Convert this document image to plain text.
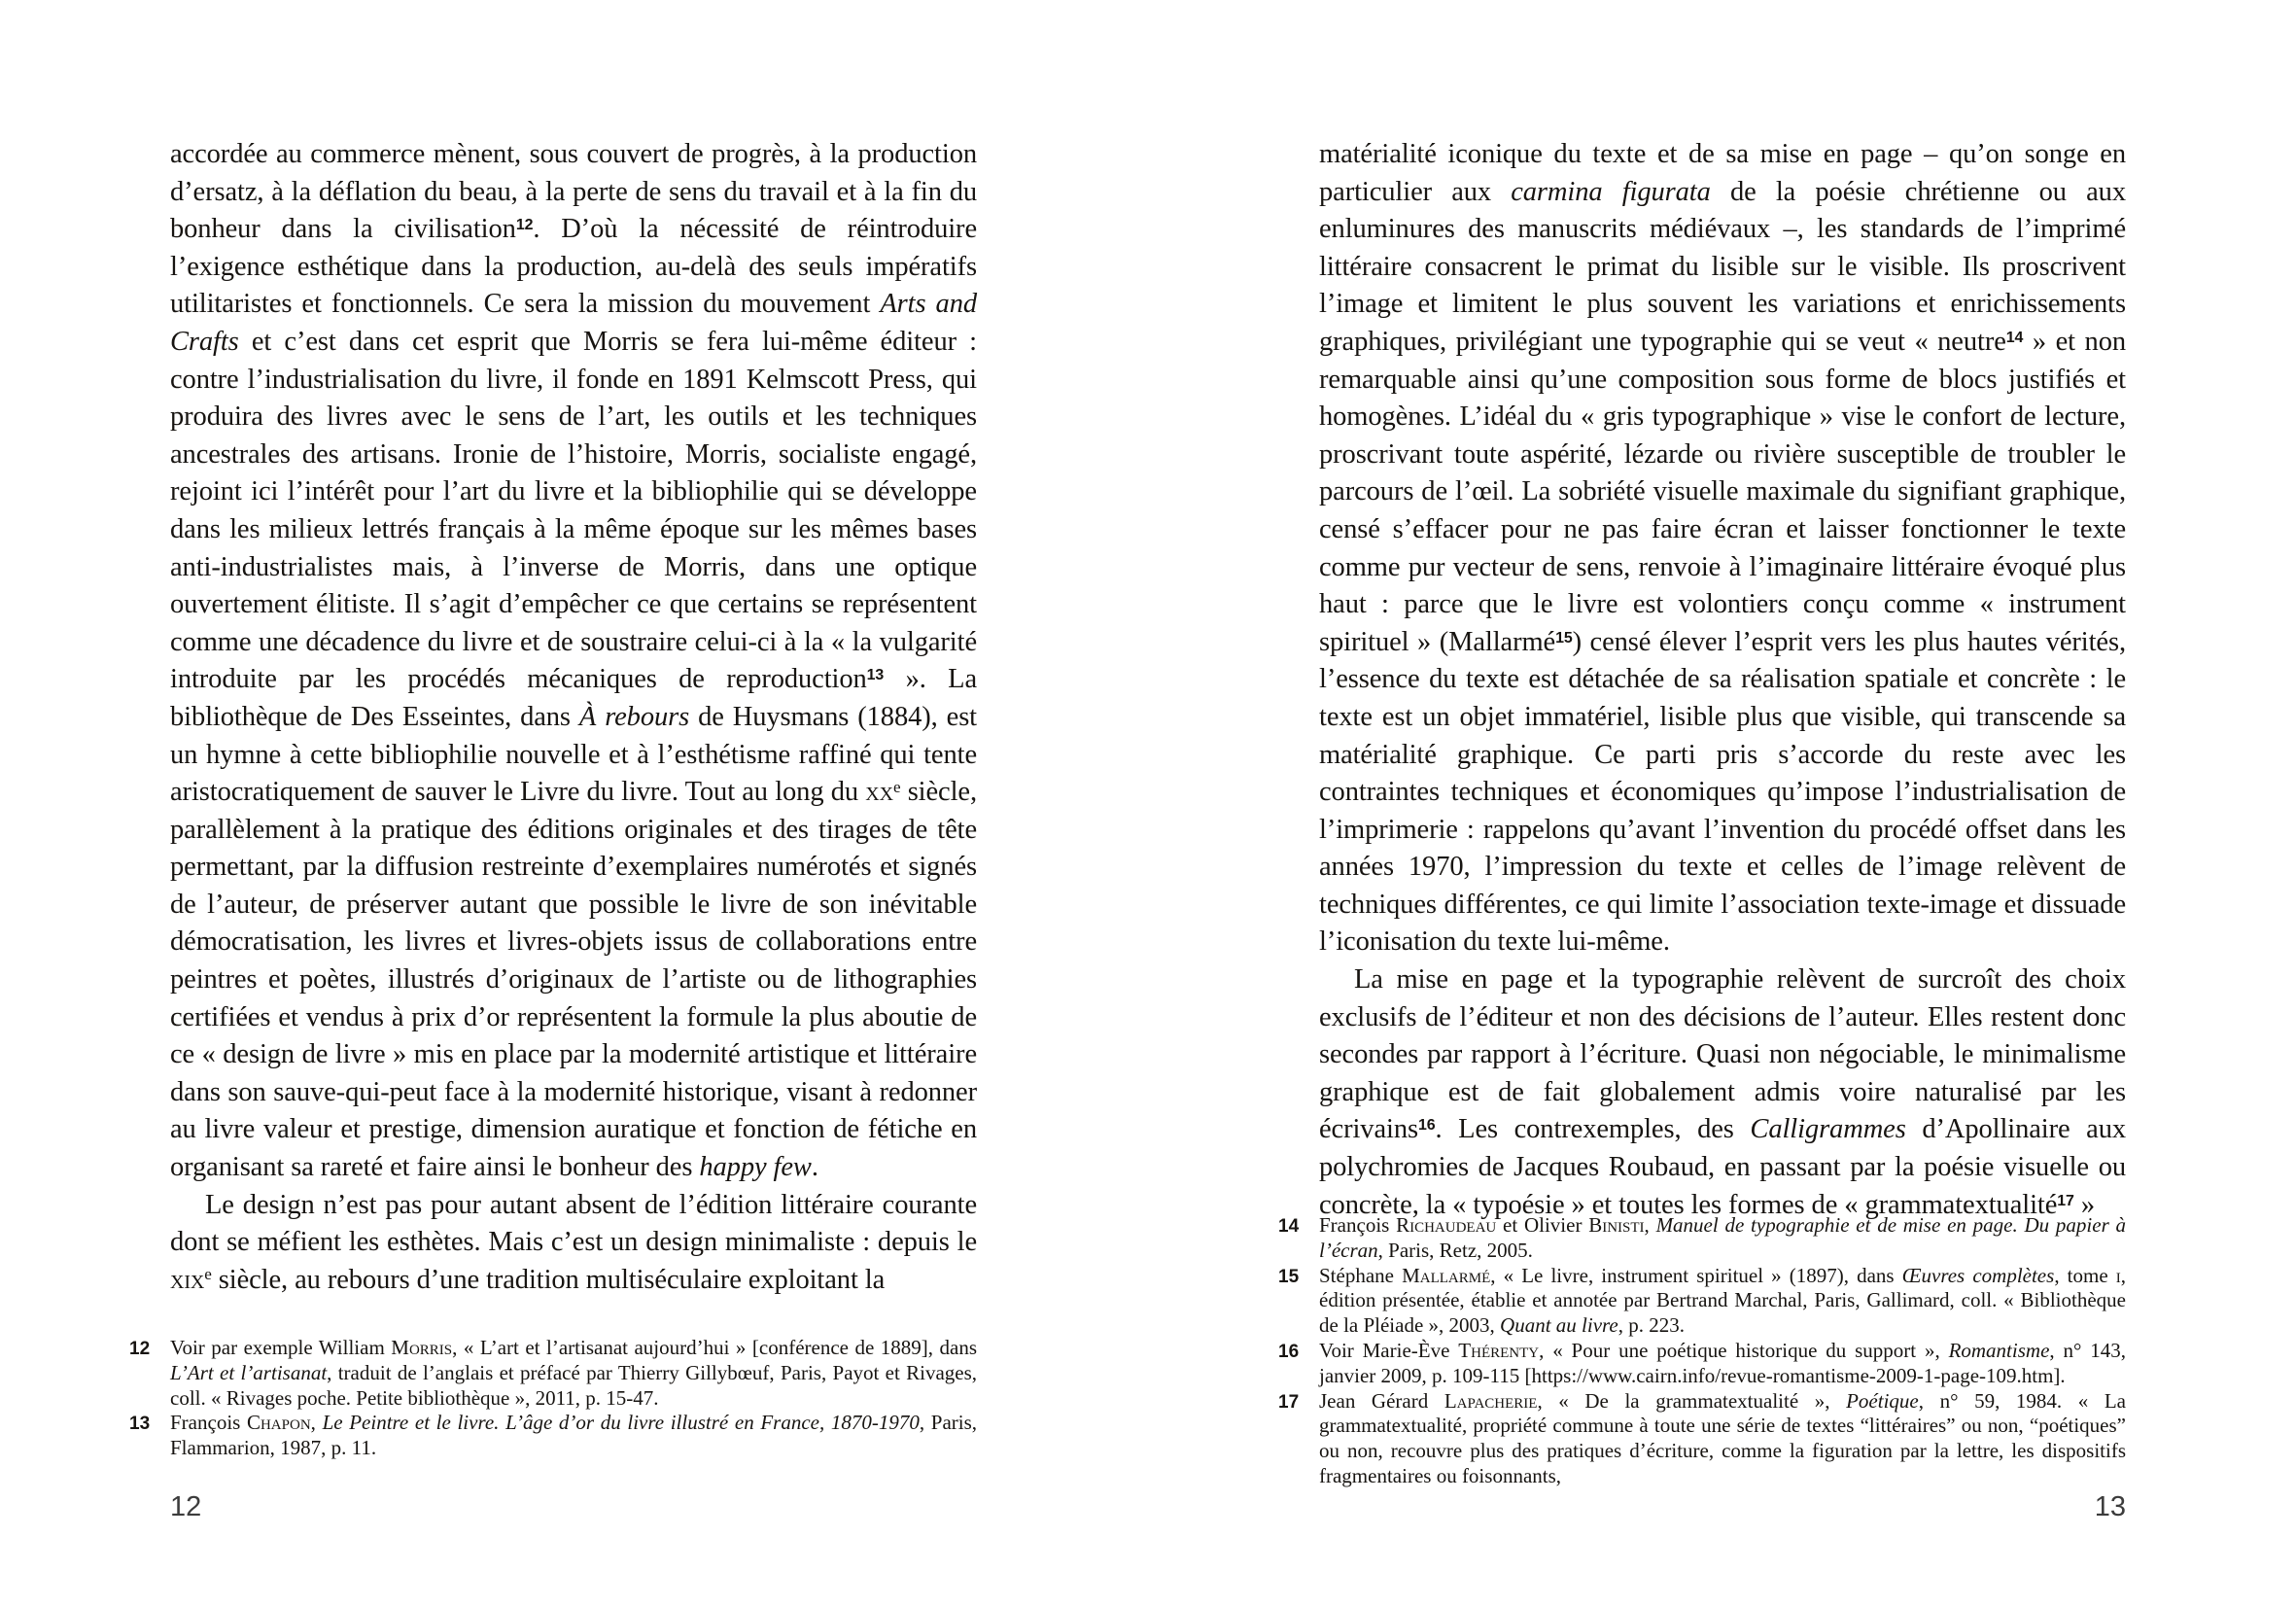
accordée au commerce mènent, sous couvert de progrès, à la production d’ersatz, à la déflation du beau, à la perte de sens du travail et à la fin du bonheur dans la civilisation$^{12}$. D’où la nécessité de réintroduire l’exigence esthétique dans la production, au-delà des seuls impératifs utilitaristes et fonctionnels. Ce sera la mission du mouvement Arts and Crafts et c’est dans cet esprit que Morris se fera lui-même éditeur : contre l’industrialisation du livre, il fonde en 1891 Kelmscott Press, qui produira des livres avec le sens de l’art, les outils et les techniques ancestrales des artisans. Ironie de l’histoire, Morris, socialiste engagé, rejoint ici l’intérêt pour l’art du livre et la bibliophilie qui se développe dans les milieux lettrés français à la même époque sur les mêmes bases anti-industrialistes mais, à l’inverse de Morris, dans une optique ouvertement élitiste. Il s’agit d’empêcher ce que certains se représentent comme une décadence du livre et de soustraire celui-ci à la « la vulgarité introduite par les procédés mécaniques de reproduction$^{13}$ ». La bibliothèque de Des Esseintes, dans À rebours de Huysmans (1884), est un hymne à cette bibliophilie nouvelle et à l’esthétisme raffiné qui tente aristocratiquement de sauver le Livre du livre. Tout au long du $xx^e$ siècle, parallèlement à la pratique des éditions originales et des tirages de tête permettant, par la diffusion restreinte d’exemplaires numérotés et signés de l’auteur, de préserver autant que possible le livre de son inévitable démocratisation, les livres et livres-objets issus de collaborations entre peintres et poètes, illustrés d’originaux de l’artiste ou de lithographies certifiées et vendus à prix d’or représentent la formule la plus aboutie de ce « design de livre » mis en place par la modernité artistique et littéraire dans son sauve-qui-peut face à la modernité historique, visant à redonner au livre valeur et prestige, dimension auratique et fonction de fétiche en organisant sa rareté et faire ainsi le bonheur des happy few.

Le design n’est pas pour autant absent de l’édition littéraire courante dont se méfient les esthètes. Mais c’est un design minimaliste : depuis le xix$^e$ siècle, au rebours d’une tradition multiséculaire exploitant la

12 Voir par exemple William Morris, « L’art et l’artisanat aujourd’hui » [conférence de 1889], dans L’Art et l’artisanat, traduit de l’anglais et préfacé par Thierry Gillybœuf, Paris, Payot et Rivages, coll. « Rivages poche. Petite bibliothèque », 2011, p. 15-47.
13 François Chapon, Le Peintre et le livre. L’âge d’or du livre illustré en France, 1870-1970, Paris, Flammarion, 1987, p. 11.
12

matérialité iconique du texte et de sa mise en page – qu’on songe en particulier aux carmina figurata de la poésie chrétienne ou aux enluminures des manuscrits médiévaux –, les standards de l’imprimé littéraire consacrent le primat du lisible sur le visible. Ils proscrivent l’image et limitent le plus souvent les variations et enrichissements graphiques, privilégiant une typographie qui se veut « neutre$^{14}$ » et non remarquable ainsi qu’une composition sous forme de blocs justifiés et homogènes. L’idéal du « gris typographique » vise le confort de lecture, proscrivant toute aspérité, lézarde ou rivière susceptible de troubler le parcours de l’œil. La sobriété visuelle maximale du signifiant graphique, censé s’effacer pour ne pas faire écran et laisser fonctionner le texte comme pur vecteur de sens, renvoie à l’imaginaire littéraire évoqué plus haut : parce que le livre est volontiers conçu comme « instrument spirituel » (Mallarmé$^{15}$) censé élever l’esprit vers les plus hautes vérités, l’essence du texte est détachée de sa réalisation spatiale et concrète : le texte est un objet immatériel, lisible plus que visible, qui transcende sa matérialité graphique. Ce parti pris s’accorde du reste avec les contraintes techniques et économiques qu’impose l’industrialisation de l’imprimerie : rappelons qu’avant l’invention du procédé offset dans les années 1970, l’impression du texte et celles de l’image relèvent de techniques différentes, ce qui limite l’association texte-image et dissuade l’iconisation du texte lui-même.

La mise en page et la typographie relèvent de surcroît des choix exclusifs de l’éditeur et non des décisions de l’auteur. Elles restent donc secondes par rapport à l’écriture. Quasi non négociable, le minimalisme graphique est de fait globalement admis voire naturalisé par les écrivains$^{16}$. Les contrexemples, des Calligrammes d’Apollinaire aux polychromies de Jacques Roubaud, en passant par la poésie visuelle ou concrète, la « typoésie » et toutes les formes de « grammatextualité$^{17}$ »

14 François Richaudeau et Olivier Binisti, Manuel de typographie et de mise en page. Du papier à l’écran, Paris, Retz, 2005.
15 Stéphane Mallarmé, « Le livre, instrument spirituel » (1897), dans Œuvres complètes, tome i, édition présentée, établie et annotée par Bertrand Marchal, Paris, Gallimard, coll. « Bibliothèque de la Pléiade », 2003, Quant au livre, p. 223.
16 Voir Marie-Ève Thérenty, « Pour une poétique historique du support », Romantisme, n° 143, janvier 2009, p. 109-115 [https://www.cairn.info/revue-romantisme-2009-1-page-109.htm].
17 Jean Gérard Lapacherie, « De la grammatextualité », Poétique, n° 59, 1984. « La grammatextualité, propriété commune à toute une série de textes “littéraires” ou non, “poétiques” ou non, recouvre plus des pratiques d’écriture, comme la figuration par la lettre, les dispositifs fragmentaires ou foisonnants,
13
